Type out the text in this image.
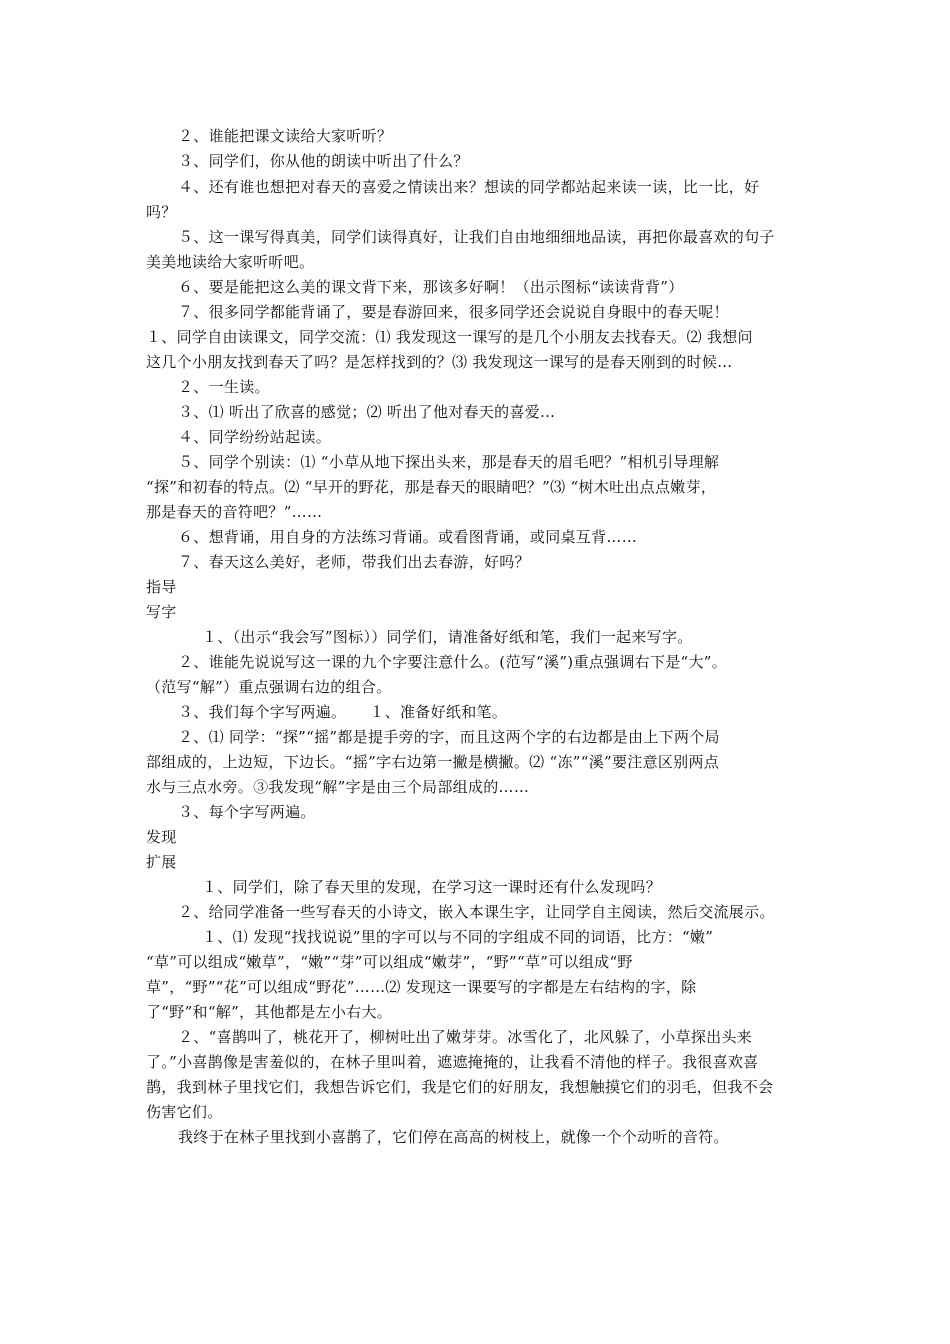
２、谁能把课文读给大家听听？
３、同学们，你从他的朗读中听出了什么？
４、还有谁也想把对春天的喜爱之情读出来？想读的同学都站起来读一读，比一比，好
吗？
５、这一课写得真美，同学们读得真好，让我们自由地细细地品读，再把你最喜欢的句子
美美地读给大家听听吧。
６、要是能把这么美的课文背下来，那该多好啊！（出示图标“读读背背”）
７、很多同学都能背诵了，要是春游回来，很多同学还会说说自身眼中的春天呢！
１、同学自由读课文，同学交流：⑴ 我发现这一课写的是几个小朋友去找春天。⑵ 我想问
这几个小朋友找到春天了吗？是怎样找到的？⑶ 我发现这一课写的是春天刚到的时候…
２、一生读。
３、⑴ 听出了欣喜的感觉；⑵ 听出了他对春天的喜爱…
４、同学纷纷站起读。
５、同学个别读：⑴ “小草从地下探出头来，那是春天的眉毛吧？”相机引导理解
“探”和初春的特点。⑵ “早开的野花，那是春天的眼睛吧？”⑶ “树木吐出点点嫩芽，
那是春天的音符吧？”……
６、想背诵，用自身的方法练习背诵。或看图背诵，或同桌互背……
７、春天这么美好，老师，带我们出去春游，好吗？
指导
写字
１、（出示“我会写”图标））同学们，请准备好纸和笔，我们一起来写字。
２、谁能先说说写这一课的九个字要注意什么。(范写“溪”)重点强调右下是“大”。
（范写“解”）重点强调右边的组合。
３、我们每个字写两遍。　　１、准备好纸和笔。
２、⑴ 同学：“探”“摇”都是提手旁的字，而且这两个字的右边都是由上下两个局
部组成的，上边短，下边长。“摇”字右边第一撇是横撇。⑵ “冻”“溪”要注意区别两点
水与三点水旁。③我发现“解”字是由三个局部组成的……
３、每个字写两遍。
发现
扩展
１、同学们，除了春天里的发现，在学习这一课时还有什么发现吗？
２、给同学准备一些写春天的小诗文，嵌入本课生字，让同学自主阅读，然后交流展示。
１、⑴ 发现“找找说说”里的字可以与不同的字组成不同的词语，比方：“嫩”
“草”可以组成“嫩草”，“嫩”“芽”可以组成“嫩芽”，“野”“草”可以组成“野
草”，“野”“花”可以组成“野花”……⑵ 发现这一课要写的字都是左右结构的字，除
了“野”和“解”，其他都是左小右大。
２、“喜鹊叫了，桃花开了，柳树吐出了嫩芽芽。冰雪化了，北风躲了，小草探出头来
了。”小喜鹊像是害羞似的，在林子里叫着，遮遮掩掩的，让我看不清他的样子。我很喜欢喜
鹊，我到林子里找它们，我想告诉它们，我是它们的好朋友，我想触摸它们的羽毛，但我不会
伤害它们。
我终于在林子里找到小喜鹊了，它们停在高高的树枝上，就像一个个动听的音符。
